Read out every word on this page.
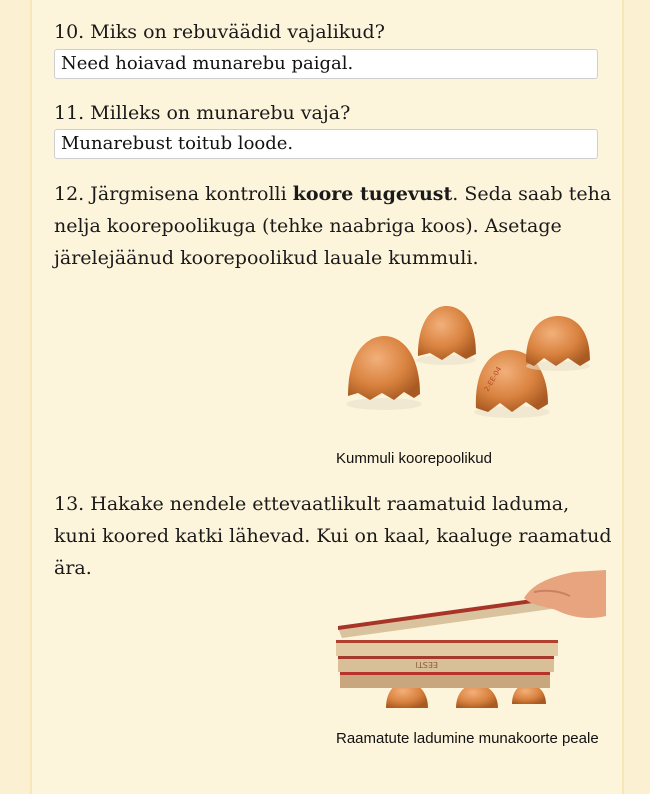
10. Miks on rebuväädid vajalikud?
Need hoiavad munarebu paigal.
11. Milleks on munarebu vaja?
Munarebust toitub loode.
12. Järgmisena kontrolli koore tugevust. Seda saab teha nelja koorepoolikuga (tehke naabriga koos). Asetage järelejäänud koorepoolikud lauale kummuli.
2-EE-04
Kummuli koorepoolikud
13. Hakake nendele ettevaatlikult raamatuid laduma, kuni koored katki lähevad. Kui on kaal, kaaluge raamatud ära.
EESTI
Raamatute ladumine munakoorte peale
